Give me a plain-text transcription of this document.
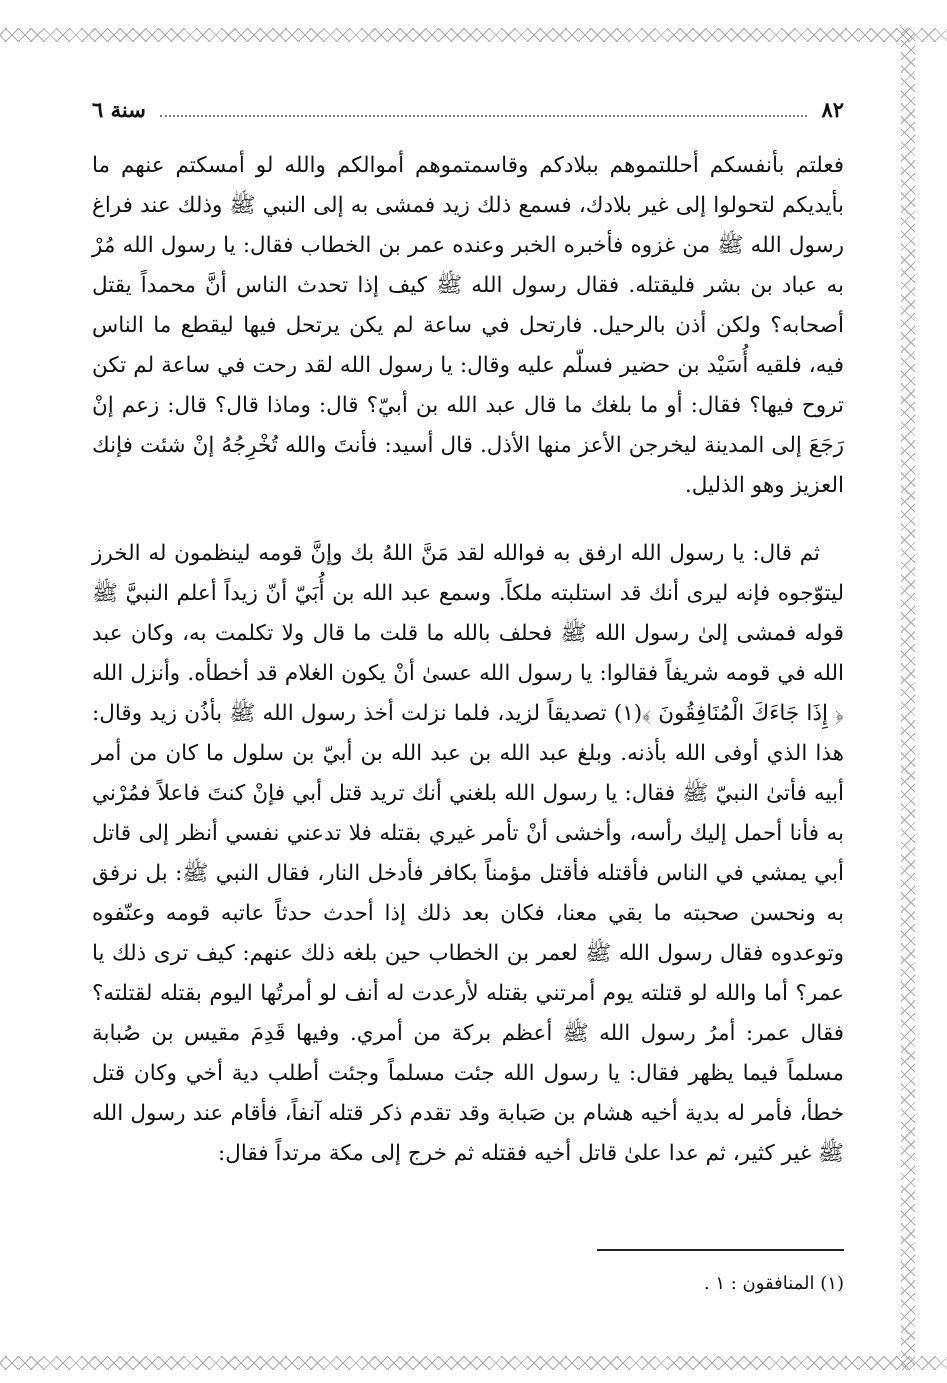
٨٢
سنة ٦

فعلتم بأنفسكم أحللتموهم ببلادكم وقاسمتموهم أموالكم والله لو أمسكتم عنهم ما بأيديكم لتحولوا إلى غير بلادك، فسمع ذلك زيد فمشى به إلى النبي ﷺ وذلك عند فراغ رسول الله ﷺ من غزوه فأخبره الخبر وعنده عمر بن الخطاب فقال: يا رسول الله مُرْ به عباد بن بشر فليقتله. فقال رسول الله ﷺ كيف إذا تحدث الناس أنَّ محمداً يقتل أصحابه؟ ولكن أذن بالرحيل. فارتحل في ساعة لم يكن يرتحل فيها ليقطع ما الناس فيه، فلقيه أُسَيْد بن حضير فسلّم عليه وقال: يا رسول الله لقد رحت في ساعة لم تكن تروح فيها؟ فقال: أو ما بلغك ما قال عبد الله بن أبيّ؟ قال: وماذا قال؟ قال: زعم إنْ رَجَعَ إلى المدينة ليخرجن الأعز منها الأذل. قال أسيد: فأنتَ والله تُخْرِجُهُ إنْ شئت فإنك العزيز وهو الذليل.

ثم قال: يا رسول الله ارفق به فوالله لقد مَنَّ اللهُ بك وإنَّ قومه لينظمون له الخرز ليتوّجوه فإنه ليرى أنك قد استلبته ملكاً. وسمع عبد الله بن أُبَيّ أنّ زيداً أعلم النبيَّ ﷺ قوله فمشى إلىٰ رسول الله ﷺ فحلف بالله ما قلت ما قال ولا تكلمت به، وكان عبد الله في قومه شريفاً فقالوا: يا رسول الله عسىٰ أنْ يكون الغلام قد أخطأه. وأنزل الله ﴿ إِذَا جَاءَكَ الْمُنَافِقُونَ ﴾(١) تصديقاً لزيد، فلما نزلت أخذ رسول الله ﷺ بأذُن زيد وقال: هذا الذي أوفى الله بأذنه. وبلغ عبد الله بن عبد الله بن أبيّ بن سلول ما كان من أمر أبيه فأتىٰ النبيّ ﷺ فقال: يا رسول الله بلغني أنك تريد قتل أبي فإنْ كنتَ فاعلاً فمُرْني به فأنا أحمل إليك رأسه، وأخشى أنْ تأمر غيري بقتله فلا تدعني نفسي أنظر إلى قاتل أبي يمشي في الناس فأقتله فأقتل مؤمناً بكافر فأدخل النار، فقال النبي ﷺ: بل نرفق به ونحسن صحبته ما بقي معنا، فكان بعد ذلك إذا أحدث حدثاً عاتبه قومه وعنّفوه وتوعدوه فقال رسول الله ﷺ لعمر بن الخطاب حين بلغه ذلك عنهم: كيف ترى ذلك يا عمر؟ أما والله لو قتلته يوم أمرتني بقتله لأرعدت له أنف لو أمرتُها اليوم بقتله لقتلته؟ فقال عمر: أمرُ رسول الله ﷺ أعظم بركة من أمري. وفيها قَدِمَ مقيس بن صُبابة مسلماً فيما يظهر فقال: يا رسول الله جئت مسلماً وجئت أطلب دية أخي وكان قتل خطأ، فأمر له بدية أخيه هشام بن صَبابة وقد تقدم ذكر قتله آنفاً، فأقام عند رسول الله ﷺ غير كثير، ثم عدا علىٰ قاتل أخيه فقتله ثم خرج إلى مكة مرتداً فقال:

(١) المنافقون : ١ .
